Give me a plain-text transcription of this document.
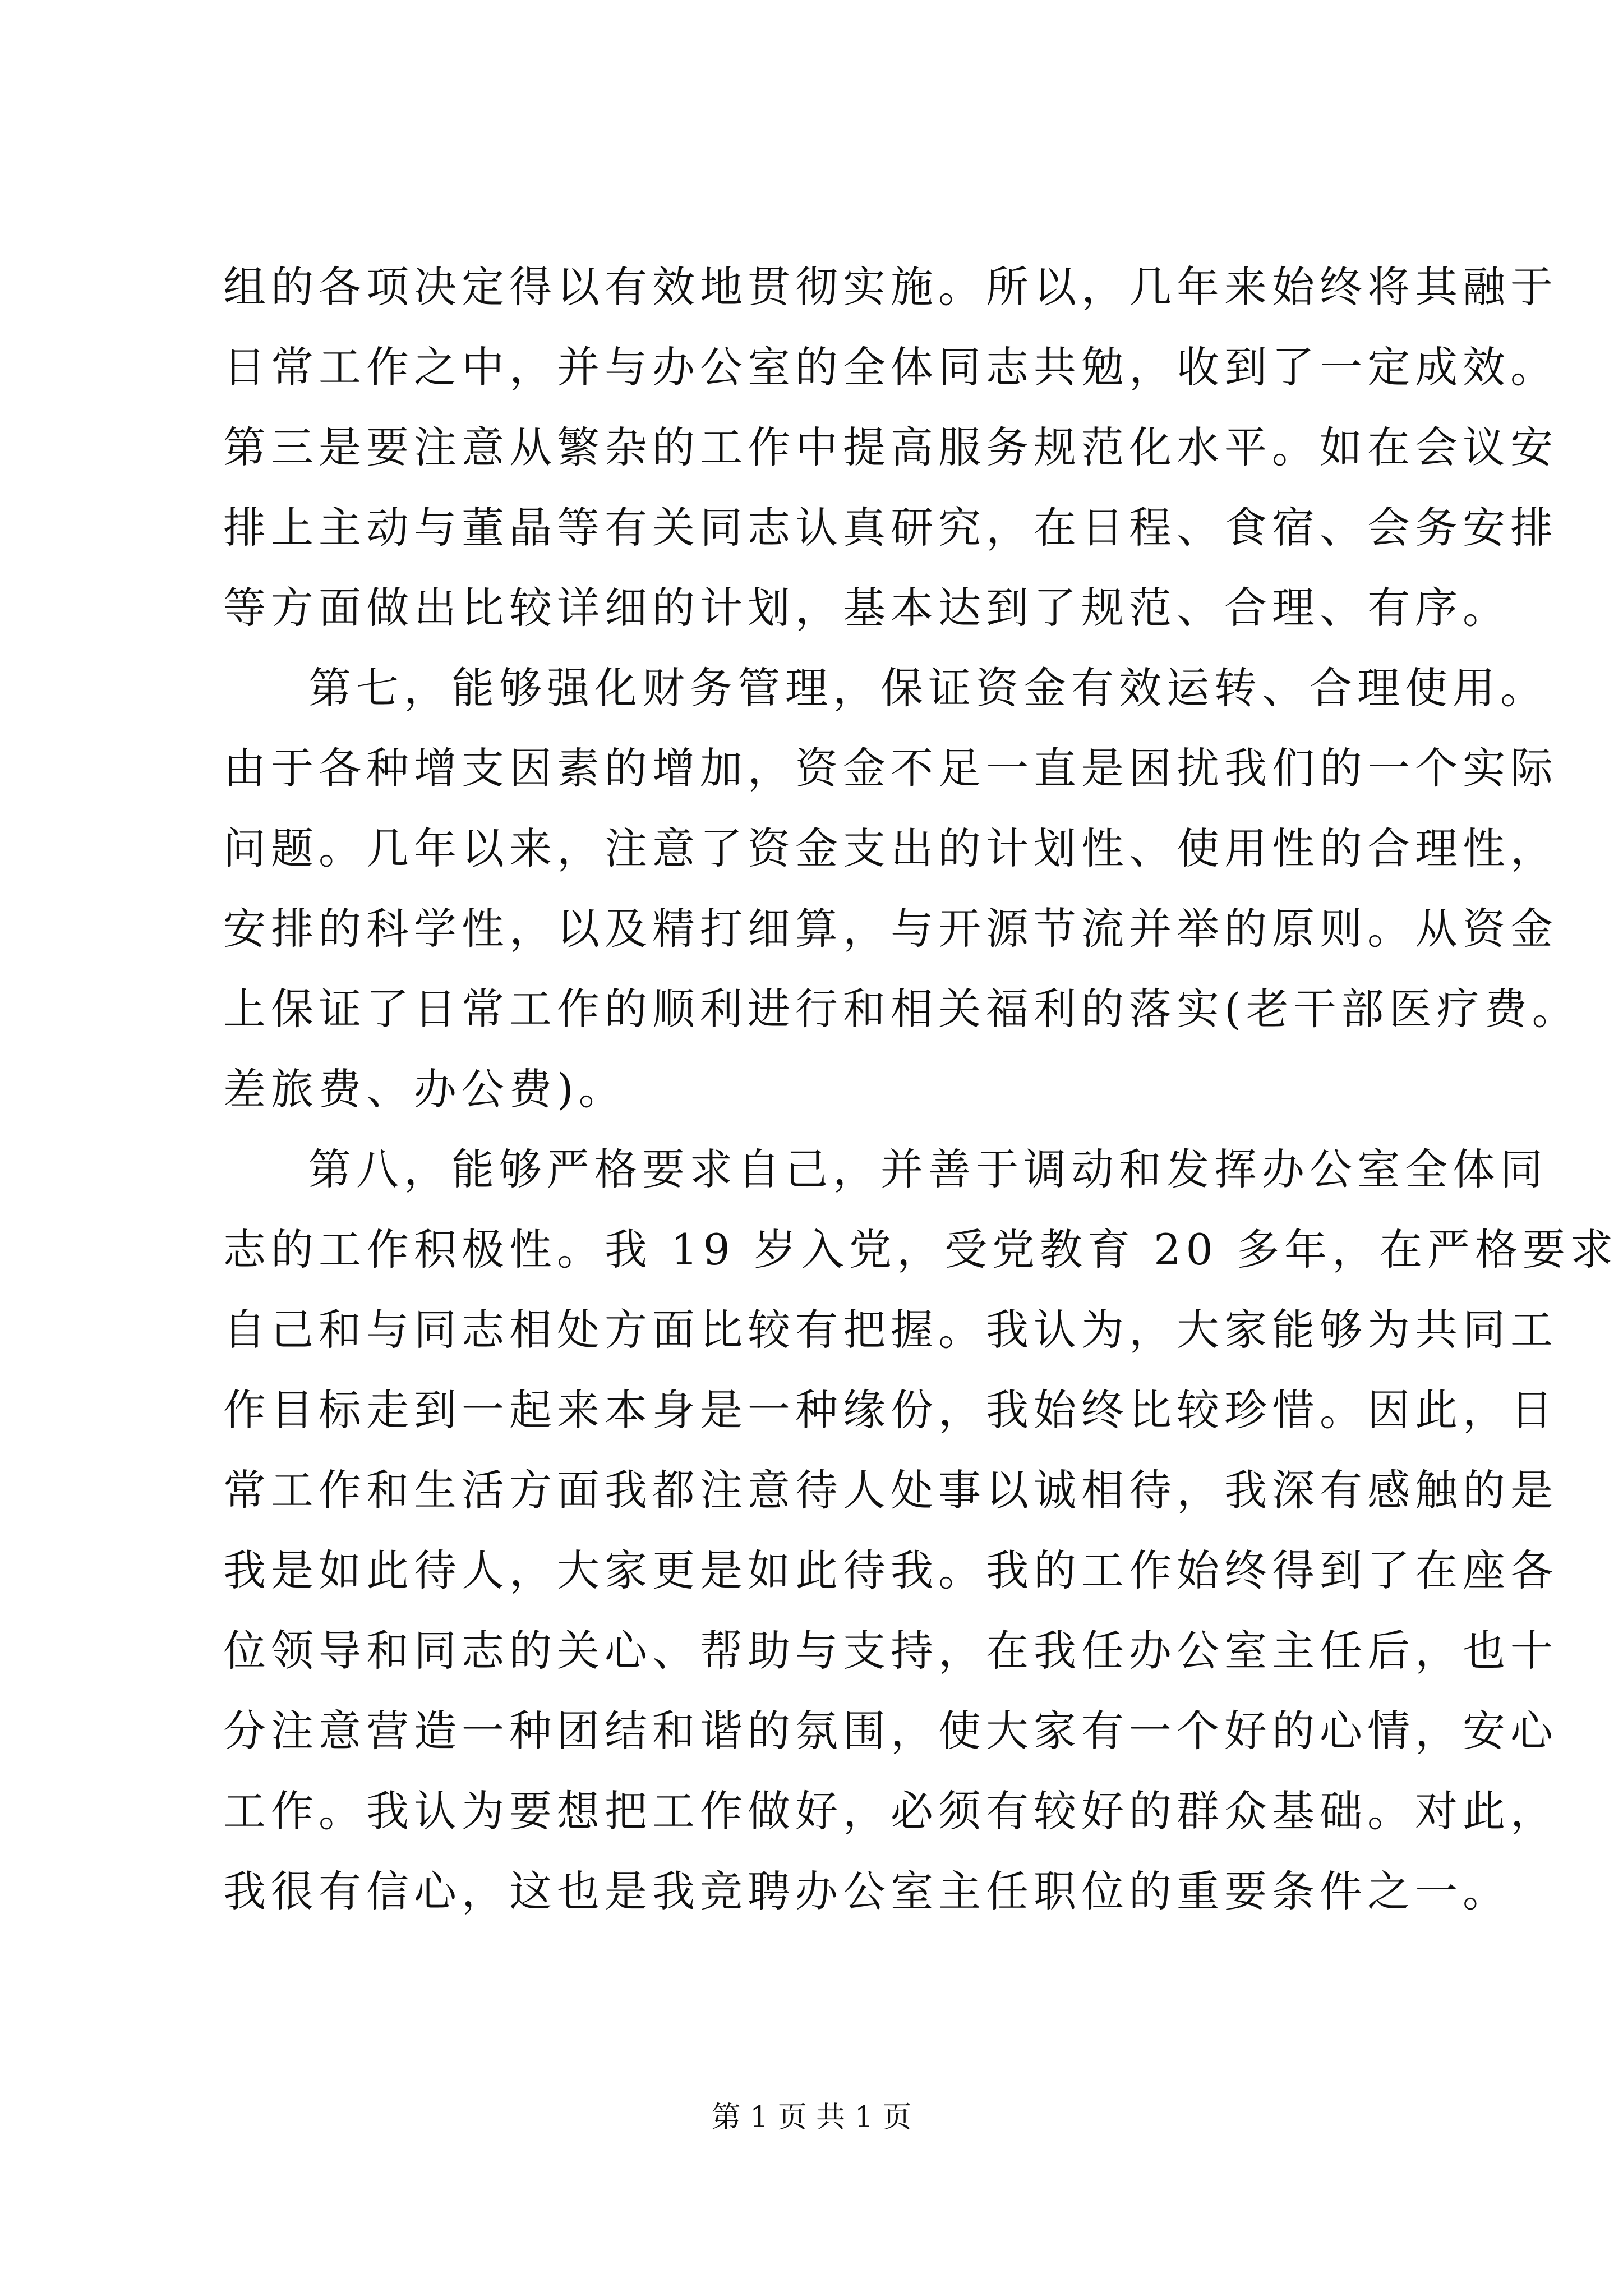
组的各项决定得以有效地贯彻实施。所以，几年来始终将其融于
日常工作之中，并与办公室的全体同志共勉，收到了一定成效。
第三是要注意从繁杂的工作中提高服务规范化水平。如在会议安
排上主动与董晶等有关同志认真研究，在日程、食宿、会务安排
等方面做出比较详细的计划，基本达到了规范、合理、有序。
第七，能够强化财务管理，保证资金有效运转、合理使用。
由于各种增支因素的增加，资金不足一直是困扰我们的一个实际
问题。几年以来，注意了资金支出的计划性、使用性的合理性，
安排的科学性，以及精打细算，与开源节流并举的原则。从资金
上保证了日常工作的顺利进行和相关福利的落实(老干部医疗费。
差旅费、办公费)。
第八，能够严格要求自己，并善于调动和发挥办公室全体同
志的工作积极性。我 19 岁入党，受党教育 20 多年，在严格要求
自己和与同志相处方面比较有把握。我认为，大家能够为共同工
作目标走到一起来本身是一种缘份，我始终比较珍惜。因此，日
常工作和生活方面我都注意待人处事以诚相待，我深有感触的是
我是如此待人，大家更是如此待我。我的工作始终得到了在座各
位领导和同志的关心、帮助与支持，在我任办公室主任后，也十
分注意营造一种团结和谐的氛围，使大家有一个好的心情，安心
工作。我认为要想把工作做好，必须有较好的群众基础。对此，
我很有信心，这也是我竞聘办公室主任职位的重要条件之一。
第 1 页 共 1 页
